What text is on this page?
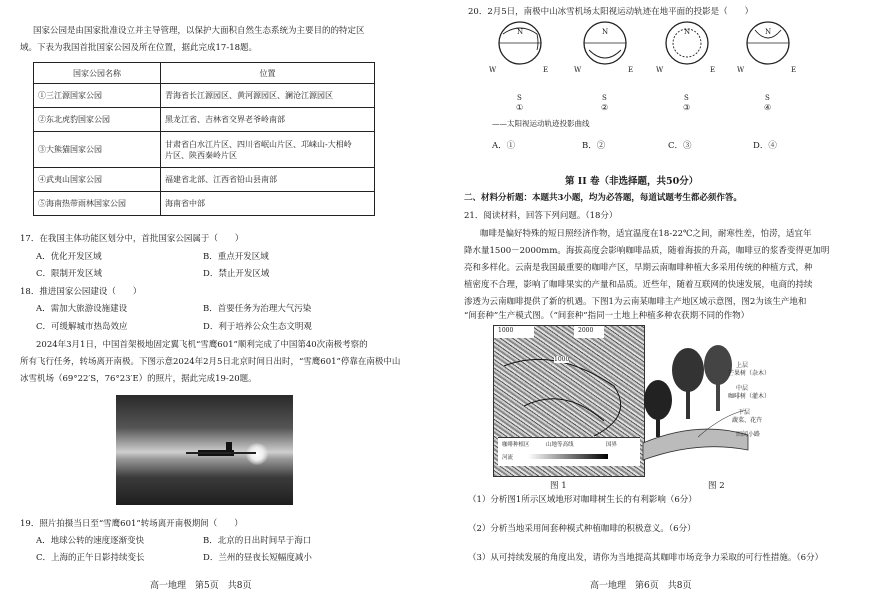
国家公园是由国家批准设立并主导管理，以保护大面积自然生态系统为主要目的的特定区
域。下表为我国首批国家公园及所在位置，据此完成17-18题。
国家公园名称	位置
①三江源国家公园	青海省长江源园区、黄河源园区、澜沧江源园区
②东北虎豹国家公园	黑龙江省、吉林省交界老爷岭南部
③大熊猫国家公园	甘肃省白水江片区、四川省岷山片区、邛崃山-大相岭
片区、陕西秦岭片区

④武夷山国家公园	福建省北部、江西省铅山县南部
⑤海南热带雨林国家公园	海南省中部
17．在我国主体功能区划分中，首批国家公园属于（　　）
A．优化开发区域	B．重点开发区域
C．限制开发区域	D．禁止开发区域
18．推进国家公园建设（　　）
A．需加大旅游设施建设	B．首要任务为治理大气污染
C．可缓解城市热岛效应	D．利于培养公众生态文明观
2024年3月1日，中国首架极地固定翼飞机“雪鹰601”顺利完成了中国第40次南极考察的
所有飞行任务，转场离开南极。下图示意2024年2月5日北京时间日出时，“雪鹰601”停靠在南极中山
冰雪机场（69°22′S，76°23′E）的照片，据此完成19-20题。
19．照片拍摄当日至“雪鹰601”转场离开南极期间（　　）
A．地球公转的速度逐渐变快	B．北京的日出时间早于海口
C．上海的正午日影持续变长	D．兰州的昼夜长短幅度减小
高一地理　第5页　共8页
20．2月5日，南极中山冰雪机场太阳视运动轨迹在地平面的投影是（　　）
N
W	E
S
①
N
W	E
S
②
N
W	E
S
③
N
W	E
S
④
——太阳视运动轨迹投影曲线
A．①	B．②	C．③	D．④
第 II 卷（非选择题，共50分）
二、材料分析题：本题共3小题，均为必答题，每道试题考生都必须作答。
21．阅读材料，回答下列问题。（18分）
咖啡是偏好特殊的短日照经济作物，适宜温度在18-22℃之间，耐寒性差，怕涝，适宜年
降水量1500－2000mm。海拔高度会影响咖啡品质，随着海拔的升高，咖啡豆的浆香变得更加明
亮和多样化。云南是我国最重要的咖啡产区，早期云南咖啡种植大多采用传统的种植方式，种
植密度不合理，影响了咖啡果实的产量和品质。近些年，随着互联网的快速发展，电商的持续
渗透为云南咖啡提供了新的机遇。下图1为云南某咖啡主产地区域示意图，图2为该生产地和
“间套种”生产模式图。（“间套种”指同一土地上种植多种农获期不同的作物）
1000	2000
1000
咖啡种植区	山地等高线	国界
河流
图 1
上层
芒果树（杂木）
中层
咖啡树（灌木）
下层
蔬菜、花卉
田间小路
图 2
（1）分析图1所示区域地形对咖啡树生长的有利影响（6分）
（2）分析当地采用间套种模式种植咖啡的积极意义。（6分）
（3）从可持续发展的角度出发，请你为当地提高其咖啡市场竞争力采取的可行性措施。（6分）
高一地理　第6页　共8页
